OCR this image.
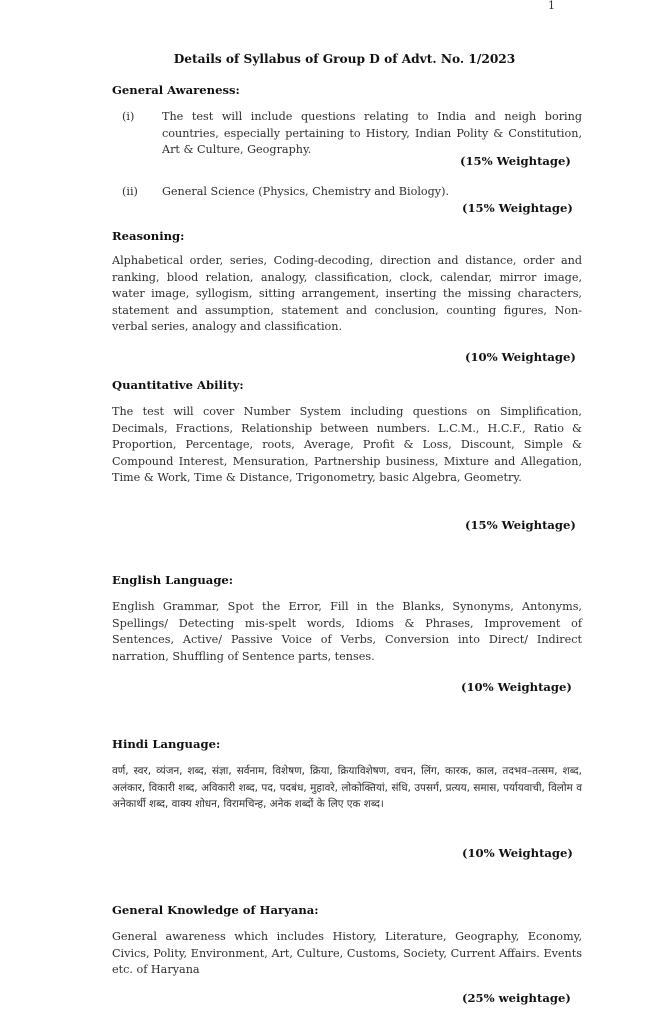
1
Details of Syllabus of Group D of Advt. No. 1/2023
General Awareness:
(i) The test will include questions relating to India and neigh boring countries, especially pertaining to History, Indian Polity & Constitution, Art & Culture, Geography.
(15% Weightage)
(ii) General Science (Physics, Chemistry and Biology).
(15% Weightage)
Reasoning:
Alphabetical order, series, Coding-decoding, direction and distance, order and ranking, blood relation, analogy, classification, clock, calendar, mirror image, water image, syllogism, sitting arrangement, inserting the missing characters, statement and assumption, statement and conclusion, counting figures, Non-verbal series, analogy and classification.
(10% Weightage)
Quantitative Ability:
The test will cover Number System including questions on Simplification, Decimals, Fractions, Relationship between numbers. L.C.M., H.C.F., Ratio & Proportion, Percentage, roots, Average, Profit & Loss, Discount, Simple & Compound Interest, Mensuration, Partnership business, Mixture and Allegation, Time & Work, Time & Distance, Trigonometry, basic Algebra, Geometry.
(15% Weightage)
English Language:
English Grammar, Spot the Error, Fill in the Blanks, Synonyms, Antonyms, Spellings/ Detecting mis-spelt words, Idioms & Phrases, Improvement of Sentences, Active/ Passive Voice of Verbs, Conversion into Direct/ Indirect narration, Shuffling of Sentence parts, tenses.
(10% Weightage)
Hindi Language:
वर्ण, स्वर, व्यंजन, शब्द, संज्ञा, सर्वनाम, विशेषण, क्रिया, क्रियाविशेषण, वचन, लिंग, कारक, काल, तदभव–तत्सम, शब्द, अलंकार, विकारी शब्द, अविकारी शब्द, पद, पदबंध, मुहावरे, लोकोक्तियां, संधि, उपसर्ग, प्रत्यय, समास, पर्यायवाची, विलोम व अनेकार्थी शब्द, वाक्य शोधन, विरामचिन्ह, अनेक शब्दों के लिए एक शब्द।
(10% Weightage)
General Knowledge of Haryana:
General awareness which includes History, Literature, Geography, Economy, Civics, Polity, Environment, Art, Culture, Customs, Society, Current Affairs. Events etc. of Haryana
(25% weightage)
